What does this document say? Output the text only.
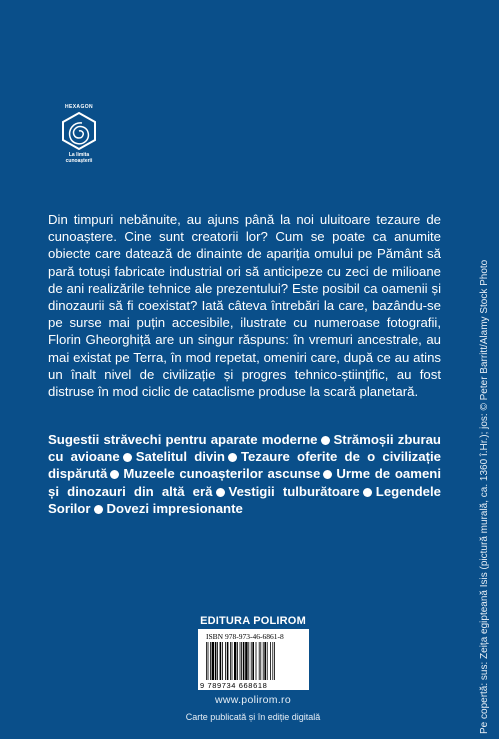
HEXAGON
La limita
cunoașterii

Din timpuri nebănuite, au ajuns până la noi uluitoare tezaure de cunoaștere. Cine sunt creatorii lor? Cum se poate ca anumite obiecte care datează de dinainte de apariția omului pe Pământ să pară totuși fabricate industrial ori să anticipeze cu zeci de milioane de ani realizările tehnice ale prezentului? Este posibil ca oamenii și dinozaurii să fi coexistat? Iată câteva întrebări la care, bazându-se pe surse mai puțin accesibile, ilustrate cu numeroase fotografii, Florin Gheorghiță are un singur răspuns: în vremuri ancestrale, au mai existat pe Terra, în mod repetat, omeniri care, după ce au atins un înalt nivel de civilizație și progres tehnico-științific, au fost distruse în mod ciclic de cataclisme produse la scară planetară.

Sugestii străvechi pentru aparate moderne Strămoșii zburau cu avioane Satelitul divin Tezaure oferite de o civilizație dispărută Muzeele cunoașterilor ascunse Urme de oameni și dinozauri din altă eră Vestigii tulburătoare Legendele Sorilor Dovezi impresionante

EDITURA POLIROM
ISBN 978-973-46-6861-8
9 789734 668618
www.polirom.ro
Carte publicată și în ediție digitală	Pe copertă: sus: Zeița egipteană Isis (pictură murală, ca. 1360 î.Hr.); jos: © Peter Barritt/Alamy Stock Photo
